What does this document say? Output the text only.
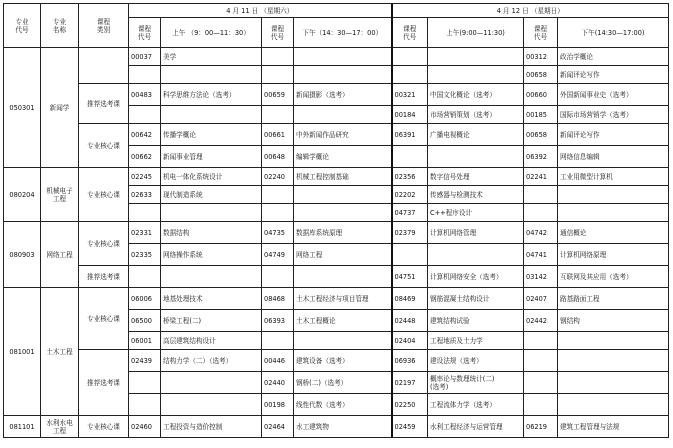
专业
代号	专业
名称	课程
类别	4 月 11 日 （星期六）				4 月 12 日 （星期日）			
			课程
代号	上午 （9：00—11：30）	课程
代号	下午（14：30—17：00）	课程
代号	上午(9:00—11:30)	课程
代号	下午(14:30—17:00)
050301	新闻学		00037	美学					00312	政治学概论
									00658	新闻评论写作
		推荐选考课	00483	科学思维方法论（选考）	00659	新闻摄影（选考）	00321	中国文化概论（选考）	00660	外国新闻事业史（选考）
							00184	市场营销策划（选考）	00185	国际市场营销学（选考）
		专业核心课	00642	传播学概论	00661	中外新闻作品研究	06391	广播电视概论	00658	新闻评论写作
			00662	新闻事业管理	00648	编辑学概论			06392	网络信息编辑
080204	机械电子
工程	专业核心课	02245	机电一体化系统设计	02240	机械工程控制基础	02356	数字信号处理	02241	工业用微型计算机
			02633	现代制造系统			02202	传感器与检测技术		
							04737	C++程序设计		
080903	网络工程	专业核心课	02331	数据结构	04735	数据库系统原理	02379	计算机网络管理	04742	通信概论
			02335	网络操作系统	04749	网络工程			04741	计算机网络原理
		推荐选考课					04751	计算机网络安全（选考）	03142	互联网及其应用（选考）
081001	土木工程	专业核心课	06006	地基处理技术	08468	土木工程经济与项目管理	08469	钢筋混凝土结构设计	02407	路基路面工程
			06500	桥梁工程(二)	06393	土木工程概论	02448	建筑结构试验	02442	钢结构
			06001	高层建筑结构设计			02404	工程地质及土力学		
		推荐选考课	02439	结构力学（二）（选考）	00446	建筑设备（选考）	06936	建设法规（选考）		
					02440	钢桥(二)（选考）	02197	概率论与数理统计(二)
(选考)		
					00198	线性代数（选考）	02250	工程流体力学（选考）		
081101	水利水电
工程	专业核心课	02460	工程投资与造价控制	02464	水工建筑物	02459	水利工程经济与运营管理	06219	建筑工程管理与法规
